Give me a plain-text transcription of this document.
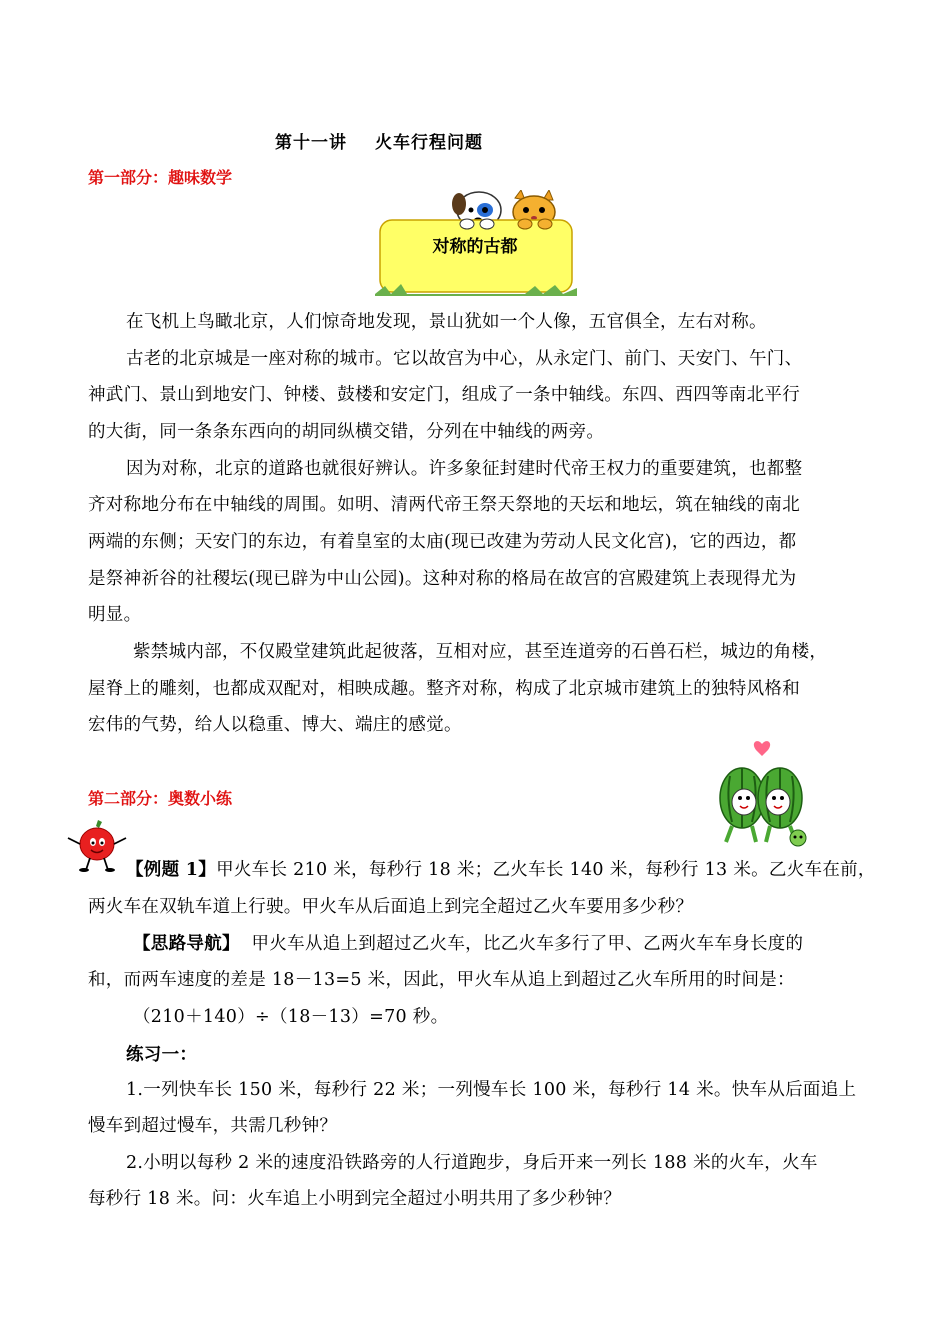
第十一讲 火车行程问题
第一部分：趣味数学
对称的古都
在飞机上鸟瞰北京，人们惊奇地发现，景山犹如一个人像，五官俱全，左右对称。
古老的北京城是一座对称的城市。它以故宫为中心，从永定门、前门、天安门、午门、
神武门、景山到地安门、钟楼、鼓楼和安定门，组成了一条中轴线。东四、西四等南北平行
的大街，同一条条东西向的胡同纵横交错，分列在中轴线的两旁。
因为对称，北京的道路也就很好辨认。许多象征封建时代帝王权力的重要建筑，也都整
齐对称地分布在中轴线的周围。如明、清两代帝王祭天祭地的天坛和地坛，筑在轴线的南北
两端的东侧；天安门的东边，有着皇室的太庙(现已改建为劳动人民文化宫)，它的西边，都
是祭神祈谷的社稷坛(现已辟为中山公园)。这种对称的格局在故宫的宫殿建筑上表现得尤为
明显。
紫禁城内部，不仅殿堂建筑此起彼落，互相对应，甚至连道旁的石兽石栏，城边的角楼，
屋脊上的雕刻，也都成双配对，相映成趣。整齐对称，构成了北京城市建筑上的独特风格和
宏伟的气势，给人以稳重、博大、端庄的感觉。
第二部分：奥数小练
【例题 1】甲火车长 210 米，每秒行 18 米；乙火车长 140 米，每秒行 13 米。乙火车在前，
两火车在双轨车道上行驶。甲火车从后面追上到完全超过乙火车要用多少秒？
【思路导航】 甲火车从追上到超过乙火车，比乙火车多行了甲、乙两火车车身长度的
和，而两车速度的差是 18－13=5 米，因此，甲火车从追上到超过乙火车所用的时间是：
（210＋140）÷（18－13）=70 秒。
练习一：
1.一列快车长 150 米，每秒行 22 米；一列慢车长 100 米，每秒行 14 米。快车从后面追上
慢车到超过慢车，共需几秒钟？
2.小明以每秒 2 米的速度沿铁路旁的人行道跑步，身后开来一列长 188 米的火车，火车
每秒行 18 米。问：火车追上小明到完全超过小明共用了多少秒钟？
